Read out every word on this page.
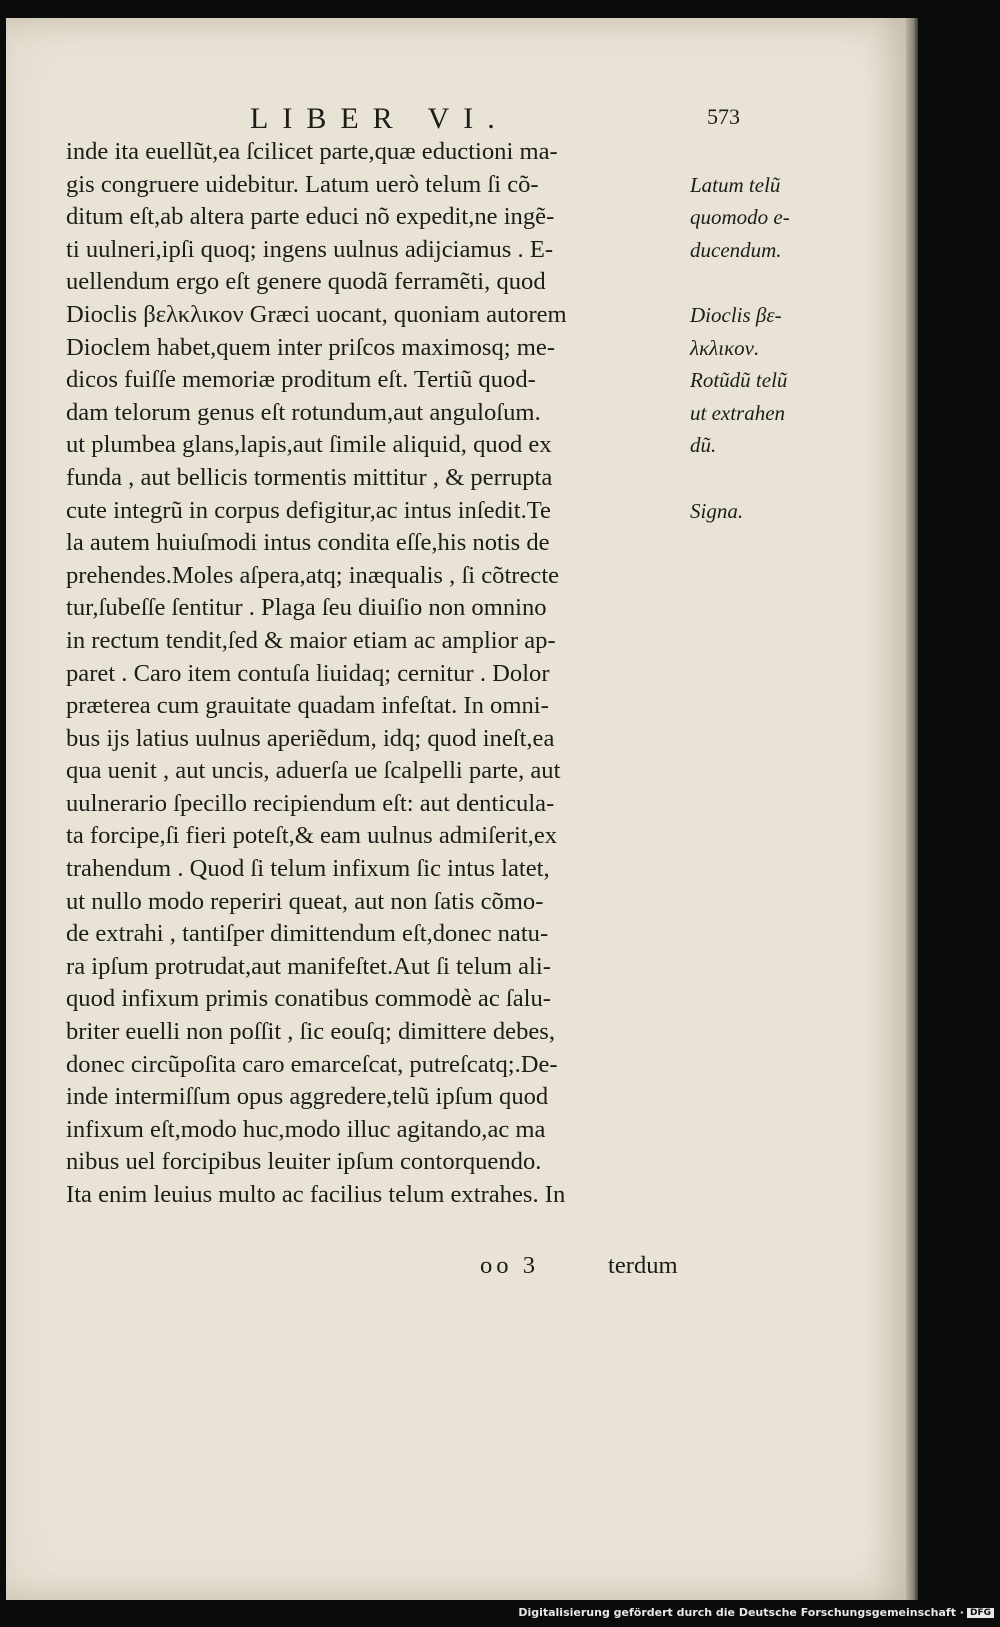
LIBER VI.	573
inde ita euellũt,ea ſcilicet parte,quæ eductioni ma-
gis congruere uidebitur. Latum uerò telum ſi cõ-
ditum eſt,ab altera parte educi nõ expedit,ne ingẽ-
ti uulneri,ipſi quoq; ingens uulnus adijciamus . E-
uellendum ergo eſt genere quodã ferramẽti, quod
Dioclis βελκλικον Græci uocant, quoniam autorem
Dioclem habet,quem inter priſcos maximosq; me-
dicos fuiſſe memoriæ proditum eſt. Tertiũ quod-
dam telorum genus eſt rotundum,aut anguloſum.
ut plumbea glans,lapis,aut ſimile aliquid, quod ex
funda , aut bellicis tormentis mittitur , & perrupta
cute integrũ in corpus defigitur,ac intus inſedit.Te
la autem huiuſmodi intus condita eſſe,his notis de
prehendes.Moles aſpera,atq; inæqualis , ſi cõtrecte
tur,ſubeſſe ſentitur . Plaga ſeu diuiſio non omnino
in rectum tendit,ſed & maior etiam ac amplior ap-
paret . Caro item contuſa liuidaq; cernitur . Dolor
præterea cum grauitate quadam infeſtat. In omni-
bus ijs latius uulnus aperiẽdum, idq; quod ineſt,ea
qua uenit , aut uncis, aduerſa ue ſcalpelli parte, aut
uulnerario ſpecillo recipiendum eſt: aut denticula-
ta forcipe,ſi fieri poteſt,& eam uulnus admiſerit,ex
trahendum . Quod ſi telum infixum ſic intus latet,
ut nullo modo reperiri queat, aut non ſatis cõmo-
de extrahi , tantiſper dimittendum eſt,donec natu-
ra ipſum protrudat,aut manifeſtet.Aut ſi telum ali-
quod infixum primis conatibus commodè ac ſalu-
briter euelli non poſſit , ſic eouſq; dimittere debes,
donec circũpoſita caro emarceſcat, putreſcatq;.De-
inde intermiſſum opus aggredere,telũ ipſum quod
infixum eſt,modo huc,modo illuc agitando,ac ma
nibus uel forcipibus leuiter ipſum contorquendo.
Ita enim leuius multo ac facilius telum extrahes. In
Latum telũ
quomodo e-
ducendum.
Dioclis βε-
λκλικον.
Rotũdũ telũ
ut extrahen
dũ.
Signa.
oo 3	terdum
Digitalisierung gefördert durch die Deutsche Forschungsgemeinschaft · DFG
